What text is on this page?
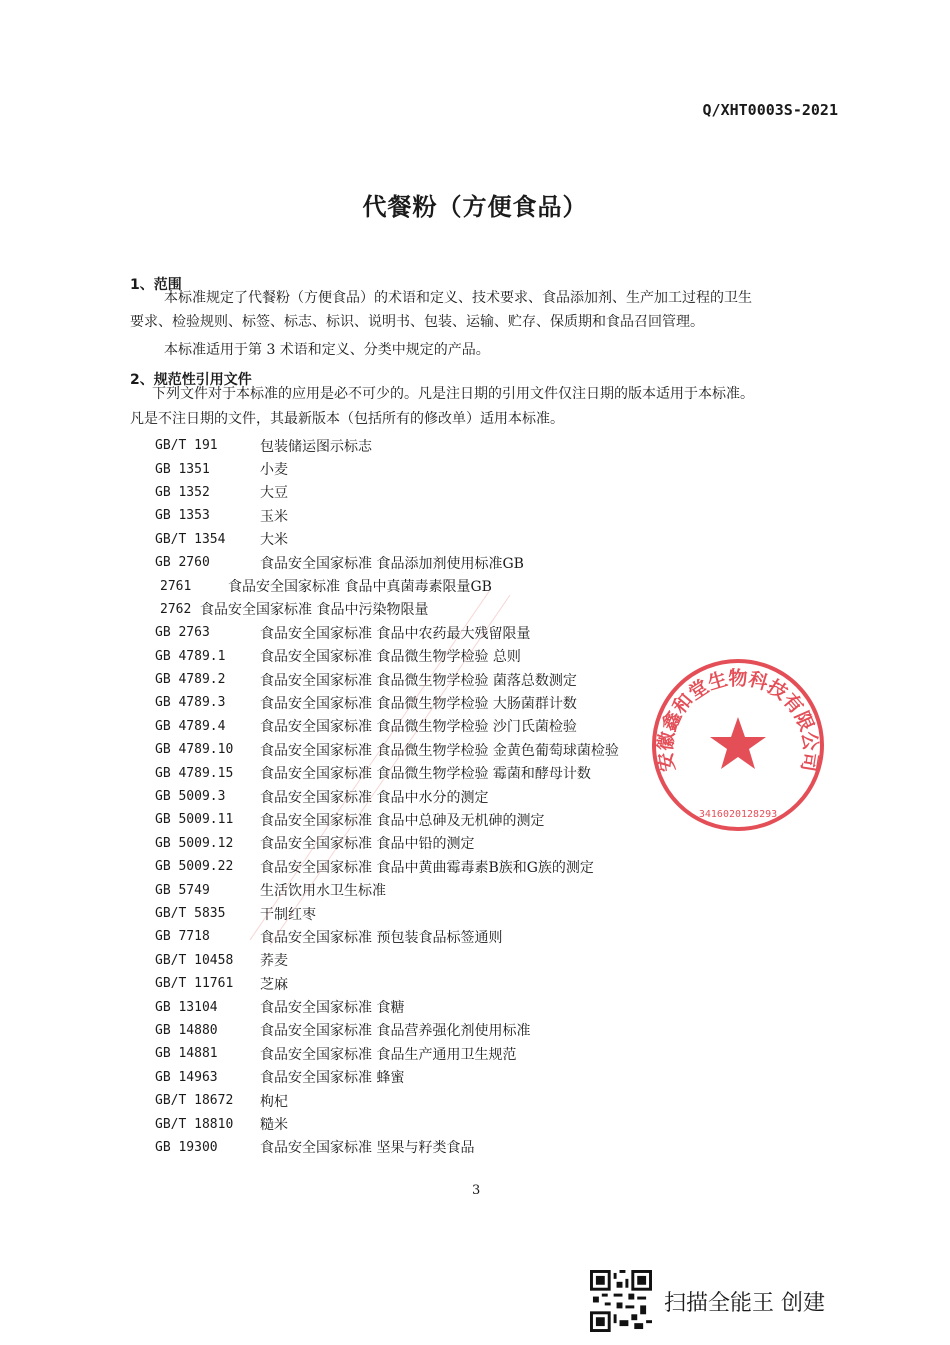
Q/XHT0003S-2021
代餐粉（方便食品）
1、范围
本标准规定了代餐粉（方便食品）的术语和定义、技术要求、食品添加剂、生产加工过程的卫生
要求、检验规则、标签、标志、标识、说明书、包装、运输、贮存、保质期和食品召回管理。
本标准适用于第 3 术语和定义、分类中规定的产品。
2、规范性引用文件
下列文件对于本标准的应用是必不可少的。凡是注日期的引用文件仅注日期的版本适用于本标准。
凡是不注日期的文件，其最新版本（包括所有的修改单）适用本标准。
GB/T 191	包装储运图示标志
GB 1351	小麦
GB 1352	大豆
GB 1353	玉米
GB/T 1354	大米
GB 2760	食品安全国家标准 食品添加剂使用标准GB
2761	食品安全国家标准 食品中真菌毒素限量GB
2762 食品安全国家标准 食品中污染物限量
GB 2763	食品安全国家标准 食品中农药最大残留限量
GB 4789.1	食品安全国家标准 食品微生物学检验 总则
GB 4789.2	食品安全国家标准 食品微生物学检验 菌落总数测定
GB 4789.3	食品安全国家标准 食品微生物学检验 大肠菌群计数
GB 4789.4	食品安全国家标准 食品微生物学检验 沙门氏菌检验
GB 4789.10	食品安全国家标准 食品微生物学检验 金黄色葡萄球菌检验
GB 4789.15	食品安全国家标准 食品微生物学检验 霉菌和酵母计数
GB 5009.3	食品安全国家标准 食品中水分的测定
GB 5009.11	食品安全国家标准 食品中总砷及无机砷的测定
GB 5009.12	食品安全国家标准 食品中铅的测定
GB 5009.22	食品安全国家标准 食品中黄曲霉毒素B族和G族的测定
GB 5749	生活饮用水卫生标准
GB/T 5835	干制红枣
GB 7718	食品安全国家标准 预包装食品标签通则
GB/T 10458	荞麦
GB/T 11761	芝麻
GB 13104	食品安全国家标准 食糖
GB 14880	食品安全国家标准 食品营养强化剂使用标准
GB 14881	食品安全国家标准 食品生产通用卫生规范
GB 14963	食品安全国家标准 蜂蜜
GB/T 18672	枸杞
GB/T 18810	糙米
GB 19300	食品安全国家标准 坚果与籽类食品
安徽鑫和堂生物科技有限公司
3416020128293
3
扫描全能王 创建
